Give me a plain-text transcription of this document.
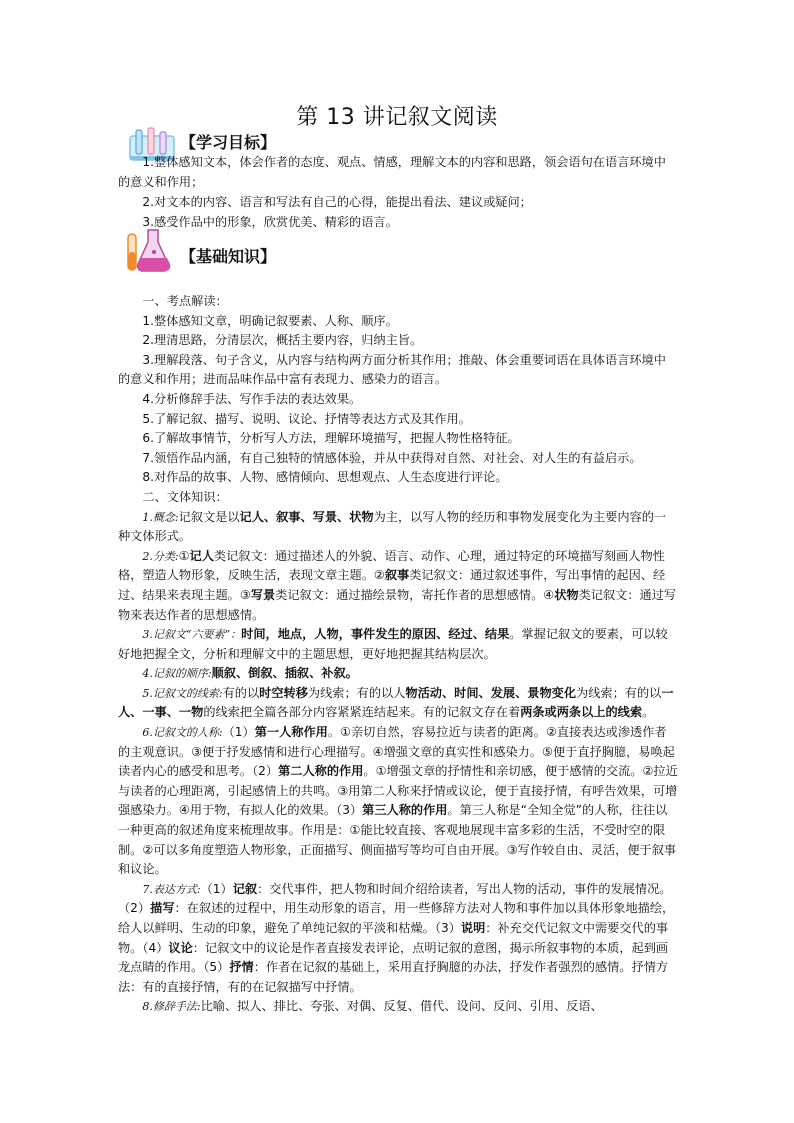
第 13 讲记叙文阅读
【学习目标】

1.整体感知文本，体会作者的态度、观点、情感，理解文本的内容和思路，领会语句在语言环境中的意义和作用；

2.对文本的内容、语言和写法有自己的心得，能提出看法、建议或疑问；

3.感受作品中的形象，欣赏优美、精彩的语言。

【基础知识】

一、考点解读：

1.整体感知文章，明确记叙要素、人称、顺序。

2.理清思路，分清层次，概括主要内容，归纳主旨。

3.理解段落、句子含义，从内容与结构两方面分析其作用；推敲、体会重要词语在具体语言环境中的意义和作用；进而品味作品中富有表现力、感染力的语言。

4.分析修辞手法、写作手法的表达效果。

5.了解记叙、描写、说明、议论、抒情等表达方式及其作用。

6.了解故事情节，分析写人方法，理解环境描写，把握人物性格特征。

7.领悟作品内涵，有自己独特的情感体验，并从中获得对自然、对社会、对人生的有益启示。

8.对作品的故事、人物、感情倾向、思想观点、人生态度进行评论。

二、文体知识：

1.概念:记叙文是以记人、叙事、写景、状物为主，以写人物的经历和事物发展变化为主要内容的一种文体形式。

2.分类:①记人类记叙文：通过描述人的外貌、语言、动作、心理，通过特定的环境描写刻画人物性格，塑造人物形象，反映生活，表现文章主题。②叙事类记叙文：通过叙述事件，写出事情的起因、经过、结果来表现主题。③写景类记叙文：通过描绘景物，寄托作者的思想感情。④状物类记叙文：通过写物来表达作者的思想感情。

3.记叙文“六要素”：时间，地点，人物，事件发生的原因、经过、结果。掌握记叙文的要素，可以较好地把握全文，分析和理解文中的主题思想，更好地把握其结构层次。

4.记叙的顺序:顺叙、倒叙、插叙、补叙。

5.记叙文的线索:有的以时空转移为线索；有的以人物活动、时间、发展、景物变化为线索；有的以一人、一事、一物的线索把全篇各部分内容紧紧连结起来。有的记叙文存在着两条或两条以上的线索。

6.记叙文的人称:（1）第一人称作用。①亲切自然，容易拉近与读者的距离。②直接表达或渗透作者的主观意识。③便于抒发感情和进行心理描写。④增强文章的真实性和感染力。⑤便于直抒胸臆，易唤起读者内心的感受和思考。（2）第二人称的作用。①增强文章的抒情性和亲切感，便于感情的交流。②拉近与读者的心理距离，引起感情上的共鸣。③用第二人称来抒情或议论，便于直接抒情，有呼告效果，可增强感染力。④用于物，有拟人化的效果。（3）第三人称的作用。第三人称是“全知全觉”的人称，往往以一种更高的叙述角度来梳理故事。作用是：①能比较直接、客观地展现丰富多彩的生活，不受时空的限制。②可以多角度塑造人物形象，正面描写、侧面描写等均可自由开展。③写作较自由、灵活，便于叙事和议论。

7.表达方式:（1）记叙：交代事件，把人物和时间介绍给读者，写出人物的活动，事件的发展情况。（2）描写：在叙述的过程中，用生动形象的语言，用一些修辞方法对人物和事件加以具体形象地描绘，给人以鲜明、生动的印象，避免了单纯记叙的平淡和枯燥。（3）说明：补充交代记叙文中需要交代的事物。（4）议论：记叙文中的议论是作者直接发表评论，点明记叙的意图，揭示所叙事物的本质，起到画龙点睛的作用。（5）抒情：作者在记叙的基础上，采用直抒胸臆的办法，抒发作者强烈的感情。抒情方法：有的直接抒情，有的在记叙描写中抒情。

8.修辞手法:比喻、拟人、排比、夸张、对偶、反复、借代、设问、反问、引用、反语、
